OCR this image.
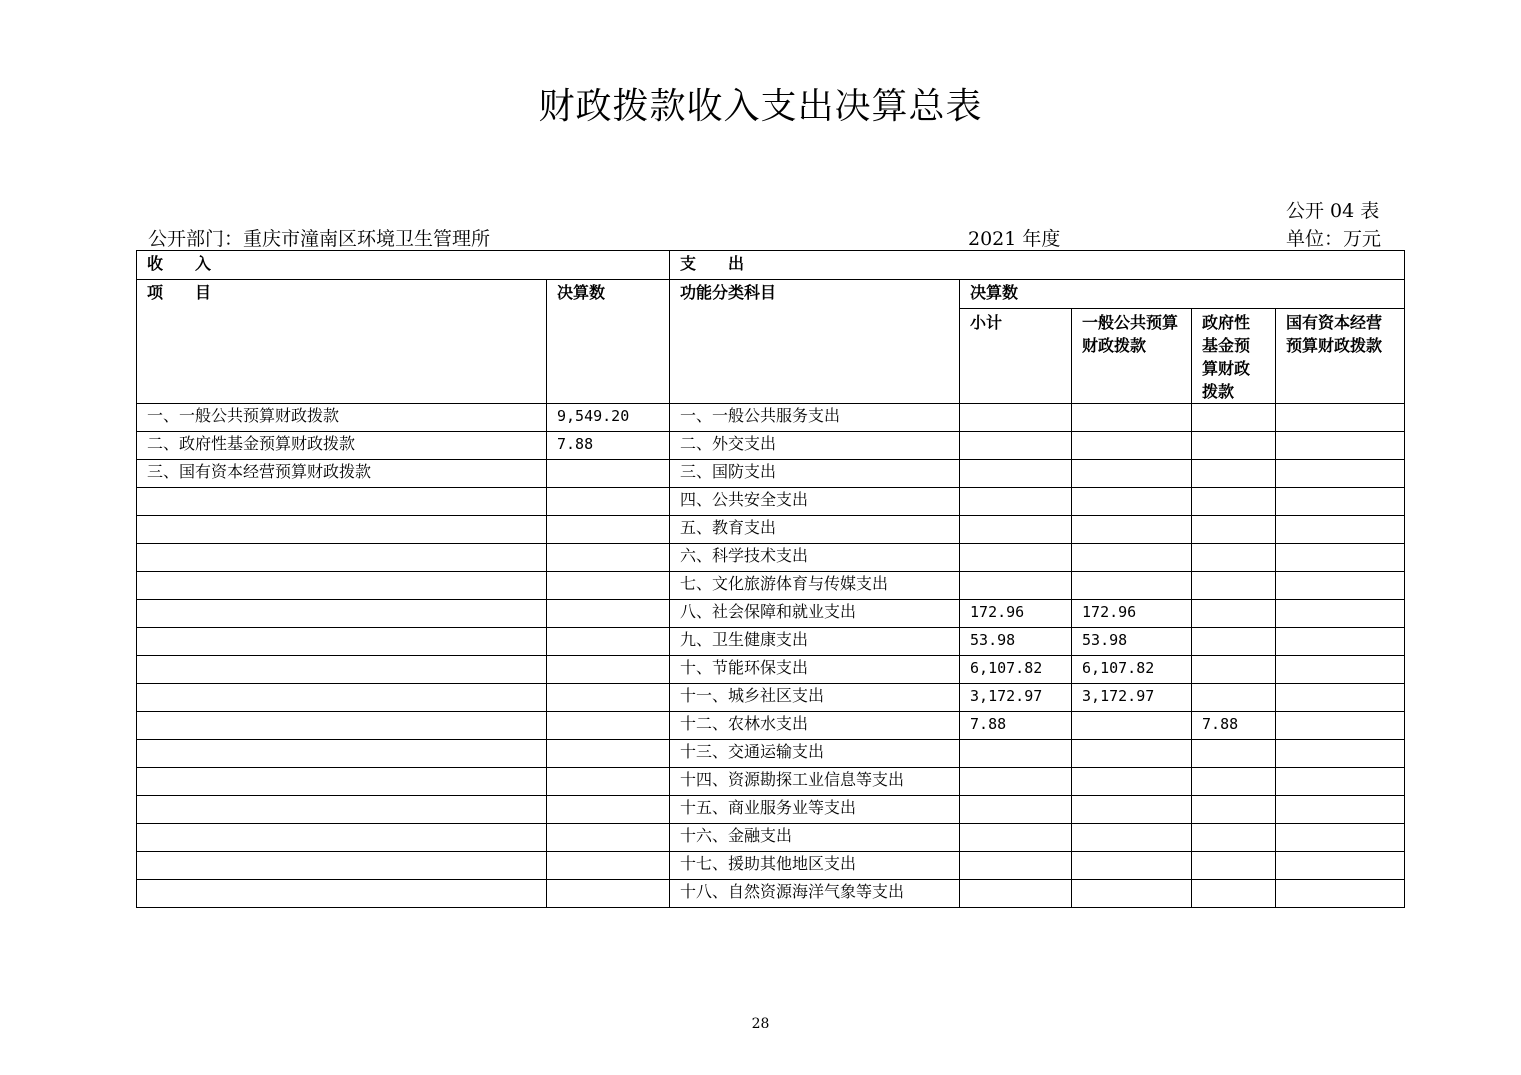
财政拨款收入支出决算总表
公开 04 表
公开部门：重庆市潼南区环境卫生管理所	2021 年度	单位：万元
收　　入		支　　出				
项　　目	决算数	功能分类科目	决算数			
			小计	一般公共预算财政拨款	政府性基金预算财政拨款	国有资本经营预算财政拨款
一、一般公共预算财政拨款	9,549.20	一、一般公共服务支出				
二、政府性基金预算财政拨款	7.88	二、外交支出				
三、国有资本经营预算财政拨款		三、国防支出				
		四、公共安全支出				
		五、教育支出				
		六、科学技术支出				
		七、文化旅游体育与传媒支出				
		八、社会保障和就业支出	172.96	172.96		
		九、卫生健康支出	53.98	53.98		
		十、节能环保支出	6,107.82	6,107.82		
		十一、城乡社区支出	3,172.97	3,172.97		
		十二、农林水支出	7.88		7.88	
		十三、交通运输支出				
		十四、资源勘探工业信息等支出				
		十五、商业服务业等支出				
		十六、金融支出				
		十七、援助其他地区支出				
		十八、自然资源海洋气象等支出				
28
